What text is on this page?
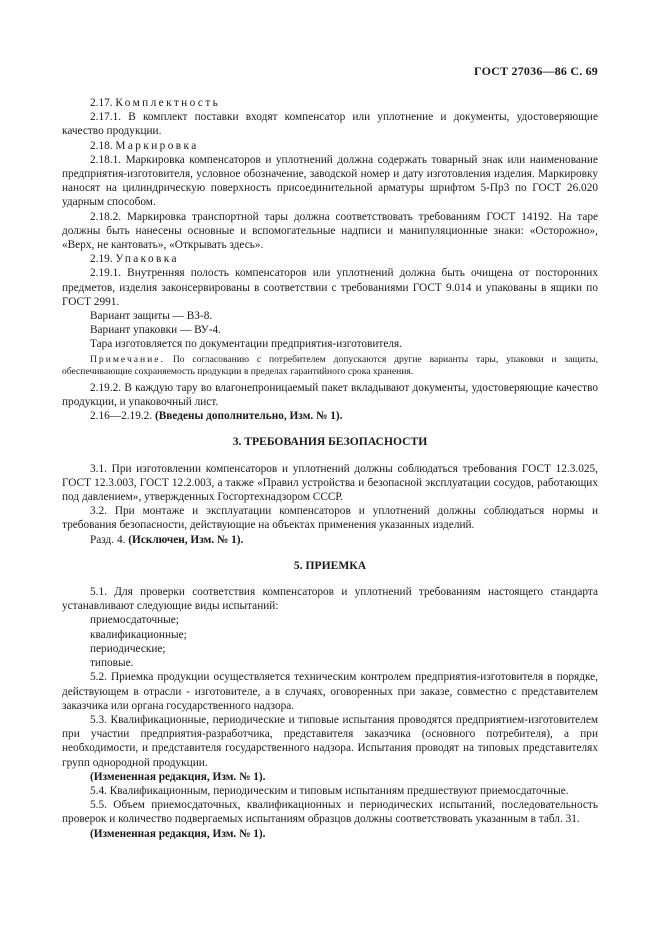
ГОСТ 27036—86 С. 69

2.17. Комплектность

2.17.1. В комплект поставки входят компенсатор или уплотнение и документы, удостоверяющие качество продукции.

2.18. Маркировка

2.18.1. Маркировка компенсаторов и уплотнений должна содержать товарный знак или наименование предприятия-изготовителя, условное обозначение, заводской номер и дату изготовления изделия. Маркировку наносят на цилиндрическую поверхность присоединительной арматуры шрифтом 5-Пр3 по ГОСТ 26.020 ударным способом.

2.18.2. Маркировка транспортной тары должна соответствовать требованиям ГОСТ 14192. На таре должны быть нанесены основные и вспомогательные надписи и манипуляционные знаки: «Осторожно», «Верх, не кантовать», «Открывать здесь».

2.19. Упаковка

2.19.1. Внутренняя полость компенсаторов или уплотнений должна быть очищена от посторонних предметов, изделия законсервированы в соответствии с требованиями ГОСТ 9.014 и упакованы в ящики по ГОСТ 2991.

Вариант защиты — ВЗ-8.

Вариант упаковки — ВУ-4.

Тара изготовляется по документации предприятия-изготовителя.

Примечание. По согласованию с потребителем допускаются другие варианты тары, упаковки и защиты, обеспечивающие сохраняемость продукции в пределах гарантийного срока хранения.

2.19.2. В каждую тару во влагонепроницаемый пакет вкладывают документы, удостоверяющие качество продукции, и упаковочный лист.

2.16—2.19.2. (Введены дополнительно, Изм. № 1).

3. ТРЕБОВАНИЯ БЕЗОПАСНОСТИ

3.1. При изготовлении компенсаторов и уплотнений должны соблюдаться требования ГОСТ 12.3.025, ГОСТ 12.3.003, ГОСТ 12.2.003, а также «Правил устройства и безопасной эксплуатации сосудов, работающих под давлением», утвержденных Госгортехнадзором СССР.

3.2. При монтаже и эксплуатации компенсаторов и уплотнений должны соблюдаться нормы и требования безопасности, действующие на объектах применения указанных изделий.

Разд. 4. (Исключен, Изм. № 1).

5. ПРИЕМКА

5.1. Для проверки соответствия компенсаторов и уплотнений требованиям настоящего стандарта устанавливают следующие виды испытаний:

приемосдаточные;

квалификационные;

периодические;

типовые.

5.2. Приемка продукции осуществляется техническим контролем предприятия-изготовителя в порядке, действующем в отрасли - изготовителе, а в случаях, оговоренных при заказе, совместно с представителем заказчика или органа государственного надзора.

5.3. Квалификационные, периодические и типовые испытания проводятся предприятием-изготовителем при участии предприятия-разработчика, представителя заказчика (основного потребителя), а при необходимости, и представителя государственного надзора. Испытания проводят на типовых представителях групп однородной продукции.

(Измененная редакция, Изм. № 1).

5.4. Квалификационным, периодическим и типовым испытаниям предшествуют приемосдаточные.

5.5. Объем приемосдаточных, квалификационных и периодических испытаний, последовательность проверок и количество подвергаемых испытаниям образцов должны соответствовать указанным в табл. 31.

(Измененная редакция, Изм. № 1).
